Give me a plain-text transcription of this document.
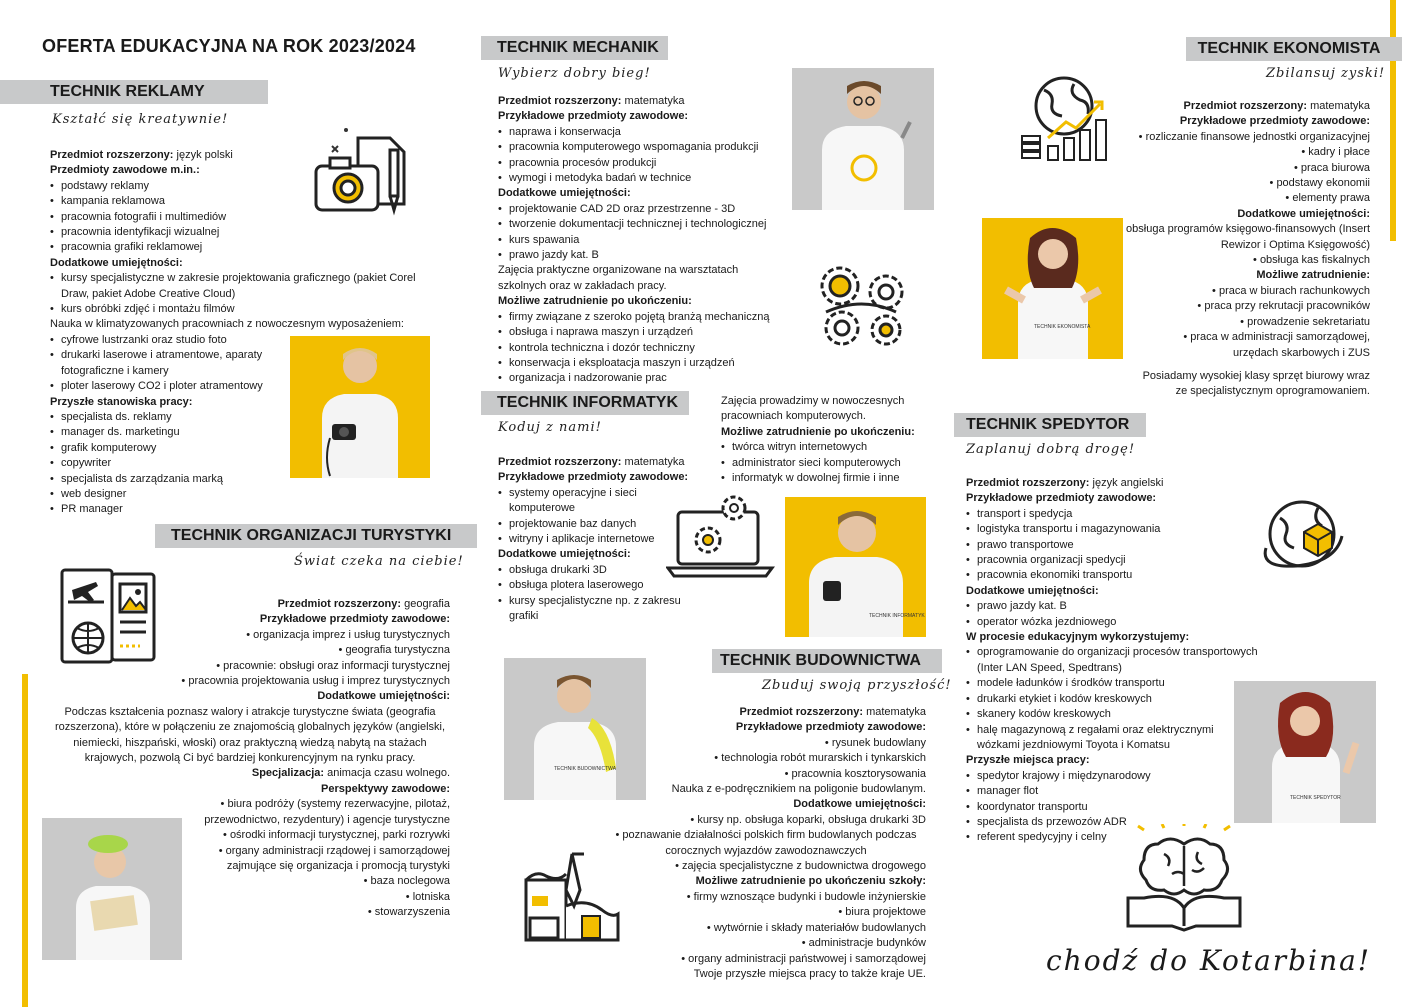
OFERTA EDUKACYJNA NA ROK 2023/2024
TECHNIK REKLAMY
Kształć się kreatywnie!
Przedmiot rozszerzony: język polski
Przedmioty zawodowe m.in.:
• podstawy reklamy
• kampania reklamowa
• pracownia fotografii i multimediów
• pracownia identyfikacji wizualnej
• pracownia grafiki reklamowej
Dodatkowe umiejętności:
• kursy specjalistyczne w zakresie projektowania graficznego (pakiet Corel Draw, pakiet Adobe Creative Cloud)
• kurs obróbki zdjęć i montażu filmów
Nauka w klimatyzowanych pracowniach z nowoczesnym wyposażeniem:
• cyfrowe lustrzanki oraz studio foto
• drukarki laserowe i atramentowe, aparaty fotograficzne i kamery
• ploter laserowy CO2 i ploter atramentowy
Przyszłe stanowiska pracy:
• specjalista ds. reklamy
• manager ds. marketingu
• grafik komputerowy
• copywriter
• specjalista ds zarządzania marką
• web designer
• PR manager
TECHNIK ORGANIZACJI TURYSTYKI
Świat czeka na ciebie!
Przedmiot rozszerzony: geografia
Przykładowe przedmioty zawodowe:
• organizacja imprez i usług turystycznych
• geografia turystyczna
• pracownie: obsługi oraz informacji turystycznej
• pracownia projektowania usług i imprez turystycznych
Dodatkowe umiejętności:
Podczas kształcenia poznasz walory i atrakcje turystyczne świata (geografia rozszerzona), które w połączeniu ze znajomością globalnych języków (angielski, niemiecki, hiszpański, włoski) oraz praktyczną wiedzą nabytą na stażach krajowych, pozwolą Ci być bardziej konkurencyjnym na rynku pracy.
Specjalizacja: animacja czasu wolnego.
Perspektywy zawodowe:
• biura podróży (systemy rezerwacyjne, pilotaż, przewodnictwo, rezydentury) i agencje turystyczne
• ośrodki informacji turystycznej, parki rozrywki
• organy administracji rządowej i samorządowej zajmujące się organizacja i promocją turystyki
• baza noclegowa
• lotniska
• stowarzyszenia
TECHNIK MECHANIK
Wybierz dobry bieg!
Przedmiot rozszerzony: matematyka
Przykładowe przedmioty zawodowe:
• naprawa i konserwacja
• pracownia komputerowego wspomagania produkcji
• pracownia procesów produkcji
• wymogi i metodyka badań w technice
Dodatkowe umiejętności:
• projektowanie CAD 2D oraz przestrzenne - 3D
• tworzenie dokumentacji technicznej i technologicznej
• kurs spawania
• prawo jazdy kat. B
Zajęcia praktyczne organizowane na warsztatach szkolnych oraz w zakładach pracy.
Możliwe zatrudnienie po ukończeniu:
• firmy związane z szeroko pojętą branżą mechaniczną
• obsługa i naprawa maszyn i urządzeń
• kontrola techniczna i dozór techniczny
• konserwacja i eksploatacja maszyn i urządzeń
• organizacja i nadzorowanie prac
TECHNIK INFORMATYK
Koduj z nami!
Przedmiot rozszerzony: matematyka
Przykładowe przedmioty zawodowe:
• systemy operacyjne i sieci komputerowe
• projektowanie baz danych
• witryny i aplikacje internetowe
Dodatkowe umiejętności:
• obsługa drukarki 3D
• obsługa plotera laserowego
• kursy specjalistyczne np. z zakresu grafiki
Zajęcia prowadzimy w nowoczesnych pracowniach komputerowych.
Możliwe zatrudnienie po ukończeniu:
• twórca witryn internetowych
• administrator sieci komputerowych
• informatyk w dowolnej firmie i inne
TECHNIK INFORMATYK
TECHNIK BUDOWNICTWA
Zbuduj swoją przyszłość!
TECHNIK BUDOWNICTWA
Przedmiot rozszerzony: matematyka
Przykładowe przedmioty zawodowe:
• rysunek budowlany
• technologia robót murarskich i tynkarskich
• pracownia kosztorysowania
Nauka z e-podręcznikiem na poligonie budowlanym.
Dodatkowe umiejętności:
• kursy np. obsługa koparki, obsługa drukarki 3D
• poznawanie działalności polskich firm budowlanych podczas corocznych wyjazdów zawodoznawczych
• zajęcia specjalistyczne z budownictwa drogowego
Możliwe zatrudnienie po ukończeniu szkoły:
• firmy wznoszące budynki i budowle inżynierskie
• biura projektowe
• wytwórnie i składy materiałów budowlanych
• administracje budynków
• organy administracji państwowej i samorządowej
Twoje przyszłe miejsca pracy to także kraje UE.
TECHNIK EKONOMISTA
Zbilansuj zyski!
Przedmiot rozszerzony: matematyka
Przykładowe przedmioty zawodowe:
• rozliczanie finansowe jednostki organizacyjnej
• kadry i płace
• praca biurowa
• podstawy ekonomii
• elementy prawa
Dodatkowe umiejętności:
• obsługa programów księgowo-finansowych (Insert Rewizor i Optima Księgowość)
• obsługa kas fiskalnych
Możliwe zatrudnienie:
• praca w biurach rachunkowych
• praca przy rekrutacji pracowników
• prowadzenie sekretariatu
• praca w administracji samorządowej, urzędach skarbowych i ZUS
Posiadamy wysokiej klasy sprzęt biurowy wraz ze specjalistycznym oprogramowaniem.
TECHNIK EKONOMISTA
TECHNIK SPEDYTOR
Zaplanuj dobrą drogę!
Przedmiot rozszerzony: język angielski
Przykładowe przedmioty zawodowe:
• transport i spedycja
• logistyka transportu i magazynowania
• prawo transportowe
• pracownia organizacji spedycji
• pracownia ekonomiki transportu
Dodatkowe umiejętności:
• prawo jazdy kat. B
• operator wózka jezdniowego
W procesie edukacyjnym wykorzystujemy:
• oprogramowanie do organizacji procesów transportowych (Inter LAN Speed, Spedtrans)
• modele ładunków i środków transportu
• drukarki etykiet i kodów kreskowych
• skanery kodów kreskowych
• halę magazynową z regałami oraz elektrycznymi wózkami jezdniowymi Toyota i Komatsu
Przyszłe miejsca pracy:
• spedytor krajowy i międzynarodowy
• manager flot
• koordynator transportu
• specjalista ds przewozów ADR
• referent spedycyjny i celny
TECHNIK SPEDYTOR
chodź do Kotarbina!
